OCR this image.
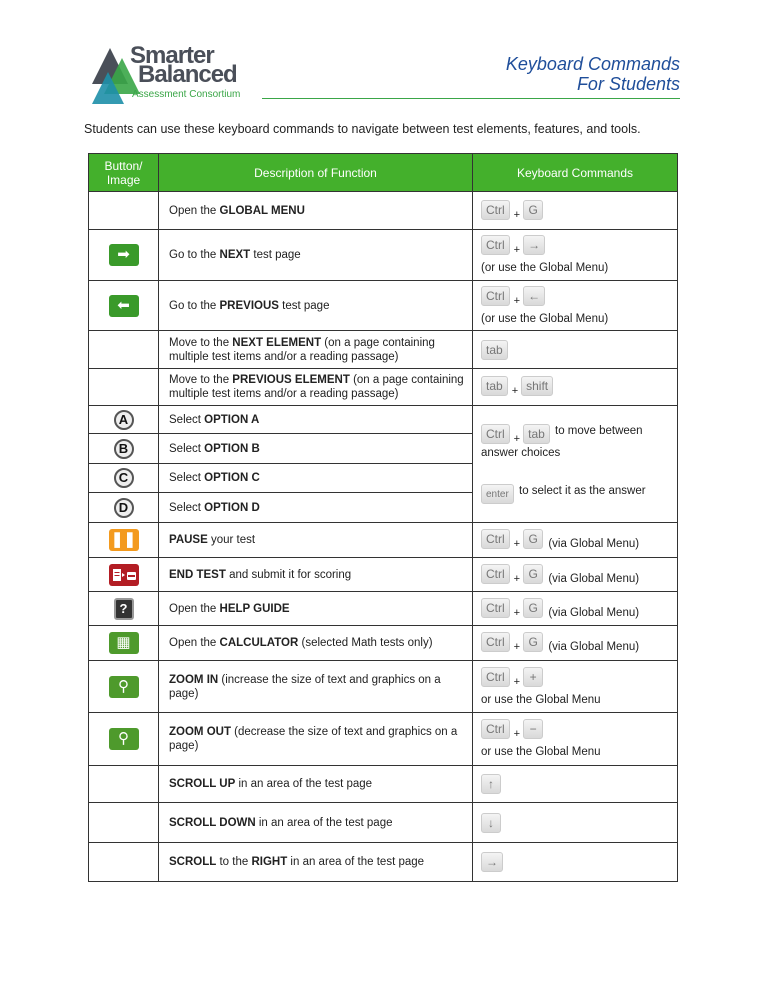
Smarter
Balanced
Assessment Consortium
Keyboard Commands
For Students
Students can use these keyboard commands to navigate between test elements, features, and tools.
Button/ Image	Description of Function	Keyboard Commands
	Open the GLOBAL MENU	Ctrl + G
➡	Go to the NEXT test page	Ctrl + →
(or use the Global Menu)

⬅	Go to the PREVIOUS test page	Ctrl + ←
(or use the Global Menu)

	Move to the NEXT ELEMENT (on a page containing multiple test items and/or a reading passage)	tab
	Move to the PREVIOUS ELEMENT (on a page containing multiple test items and/or a reading passage)	tab + shift
A	Select OPTION A	Ctrl + tab to move between answer choices
enter to select it as the answer

B	Select OPTION B	
C	Select OPTION C	
D	Select OPTION D	
❚❚	PAUSE your test	Ctrl + G (via Global Menu)
	END TEST and submit it for scoring	Ctrl + G (via Global Menu)
?	Open the HELP GUIDE	Ctrl + G (via Global Menu)
▦	Open the CALCULATOR (selected Math tests only)	Ctrl + G (via Global Menu)
⚲	ZOOM IN (increase the size of text and graphics on a page)	Ctrl + +
or use the Global Menu

⚲	ZOOM OUT (decrease the size of text and graphics on a page)	Ctrl + −
or use the Global Menu

	SCROLL UP in an area of the test page	↑
	SCROLL DOWN in an area of the test page	↓
	SCROLL to the RIGHT in an area of the test page	→
